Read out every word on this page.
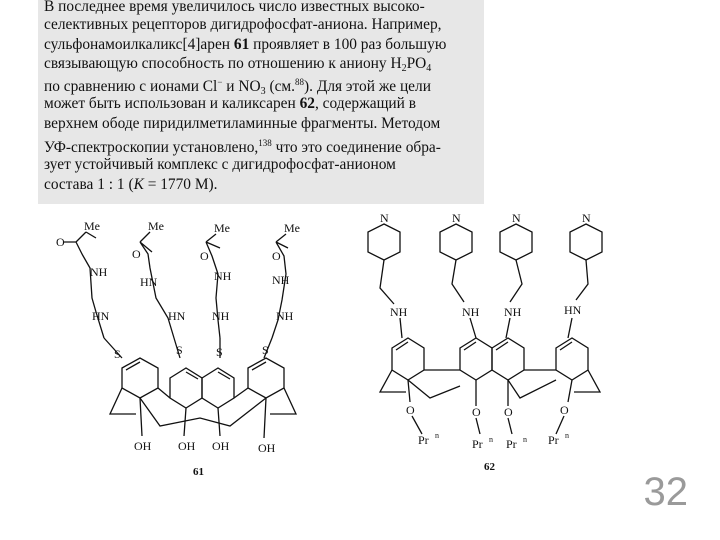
В последнее время увеличилось число известных высоко-
селективных рецепторов дигидрофосфат-аниона. Например,
сульфонамоилкаликс[4]арен 61 проявляет в 100 раз большую
связывающую способность по отношению к аниону $H_2PO_4$
по сравнению с ионами Cl− и $NO_3$ (см.$^{88}$). Для этой же цели
может быть использован и каликсарен 62, содержащий в
верхнем ободе пиридилметиламинные фрагменты. Методом
УФ-спектроскопии установлено,$^{138}$ что это соединение обра-
зует устойчивый комплекс с дигидрофосфат-анионом
состава 1 : 1 (K = 1770 М).
Me	Me	Me	Me
O
O	O	O
NH
HN	NH	NH
HN	HN NH	NH
S	S	S	S
OH OH OH OH
61
N	N	N	N
NH	NH NH	HN
O	O O	O
Pr n
Pr n Pr n Pr n
62
32
